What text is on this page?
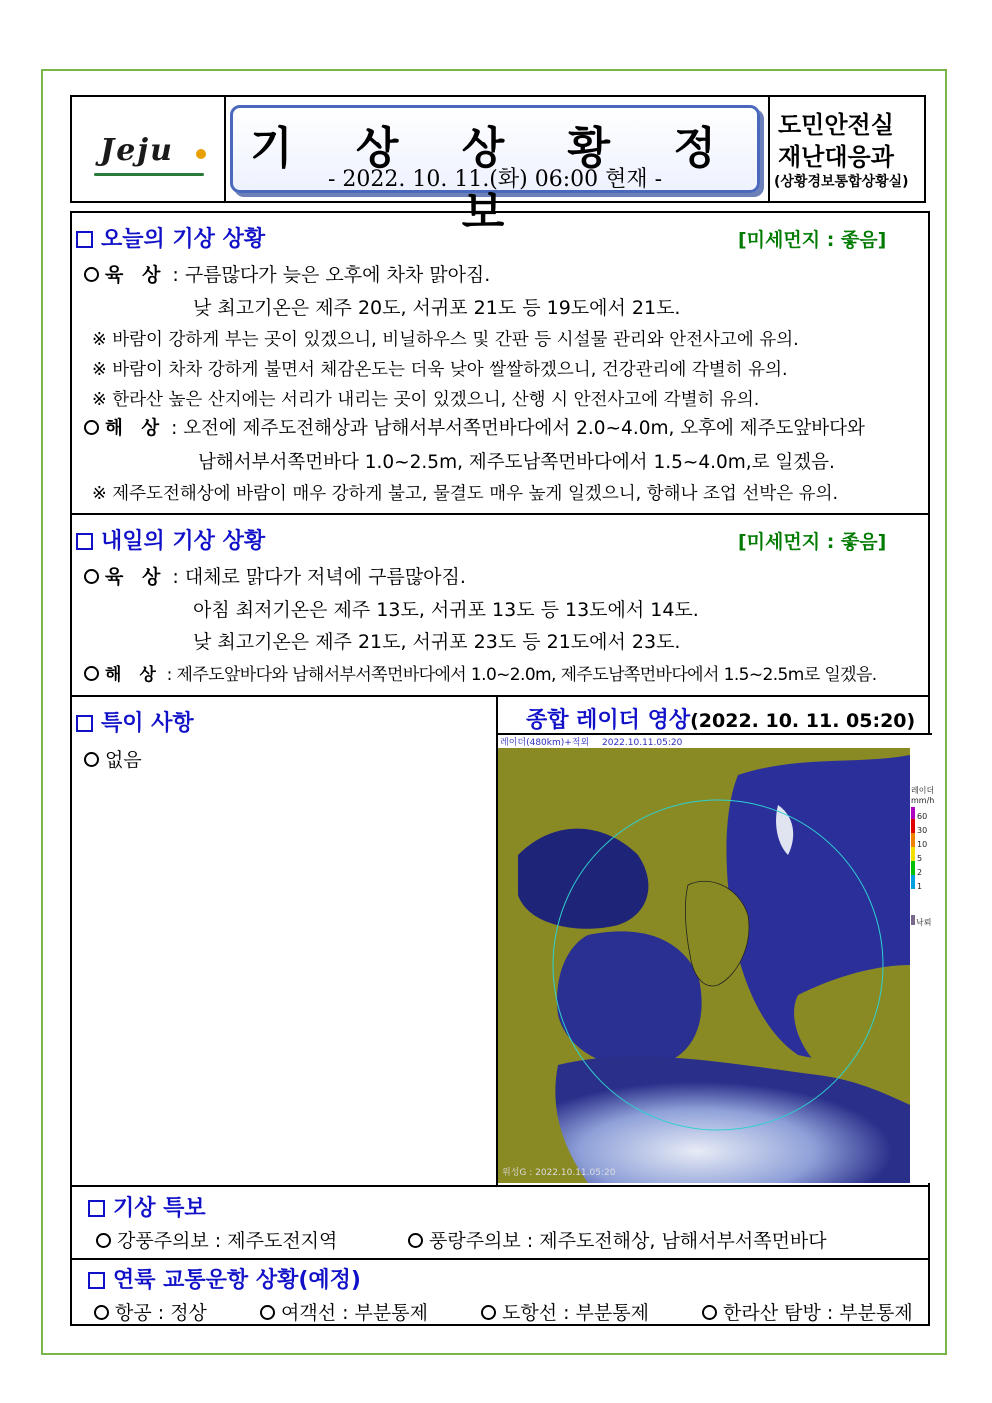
Jeju	기 상 상 황 정 보
- 2022. 10. 11.(화) 06:00 현재 -
도민안전실
재난대응과
(상황경보통합상황실)
오늘의 기상 상황	[미세먼지 : 좋음]
육 상 : 구름많다가 늦은 오후에 차차 맑아짐.
낮 최고기온은 제주 20도, 서귀포 21도 등 19도에서 21도.
※ 바람이 강하게 부는 곳이 있겠으니, 비닐하우스 및 간판 등 시설물 관리와 안전사고에 유의.
※ 바람이 차차 강하게 불면서 체감온도는 더욱 낮아 쌀쌀하겠으니, 건강관리에 각별히 유의.
※ 한라산 높은 산지에는 서리가 내리는 곳이 있겠으니, 산행 시 안전사고에 각별히 유의.
해 상 : 오전에 제주도전해상과 남해서부서쪽먼바다에서 2.0~4.0m, 오후에 제주도앞바다와
남해서부서쪽먼바다 1.0~2.5m, 제주도남쪽먼바다에서 1.5~4.0m,로 일겠음.
※ 제주도전해상에 바람이 매우 강하게 불고, 물결도 매우 높게 일겠으니, 항해나 조업 선박은 유의.
내일의 기상 상황	[미세먼지 : 좋음]
육 상 : 대체로 맑다가 저녁에 구름많아짐.
아침 최저기온은 제주 13도, 서귀포 13도 등 13도에서 14도.
낮 최고기온은 제주 21도, 서귀포 23도 등 21도에서 23도.
해 상 : 제주도앞바다와 남해서부서쪽먼바다에서 1.0~2.0m, 제주도남쪽먼바다에서 1.5~2.5m로 일겠음.
특이 사항
없음
종합 레이더 영상(2022. 10. 11. 05:20)
레이더(480km)+적외 2022.10.11.05:20
위성G : 2022.10.11.05:20
레이더
mm/h
60
30
10
5
2
1
낙뢰
기상 특보
강풍주의보 : 제주도전지역	풍랑주의보 : 제주도전해상, 남해서부서쪽먼바다
연륙 교통운항 상황(예정)
항공 : 정상	여객선 : 부분통제	도항선 : 부분통제	한라산 탐방 : 부분통제
